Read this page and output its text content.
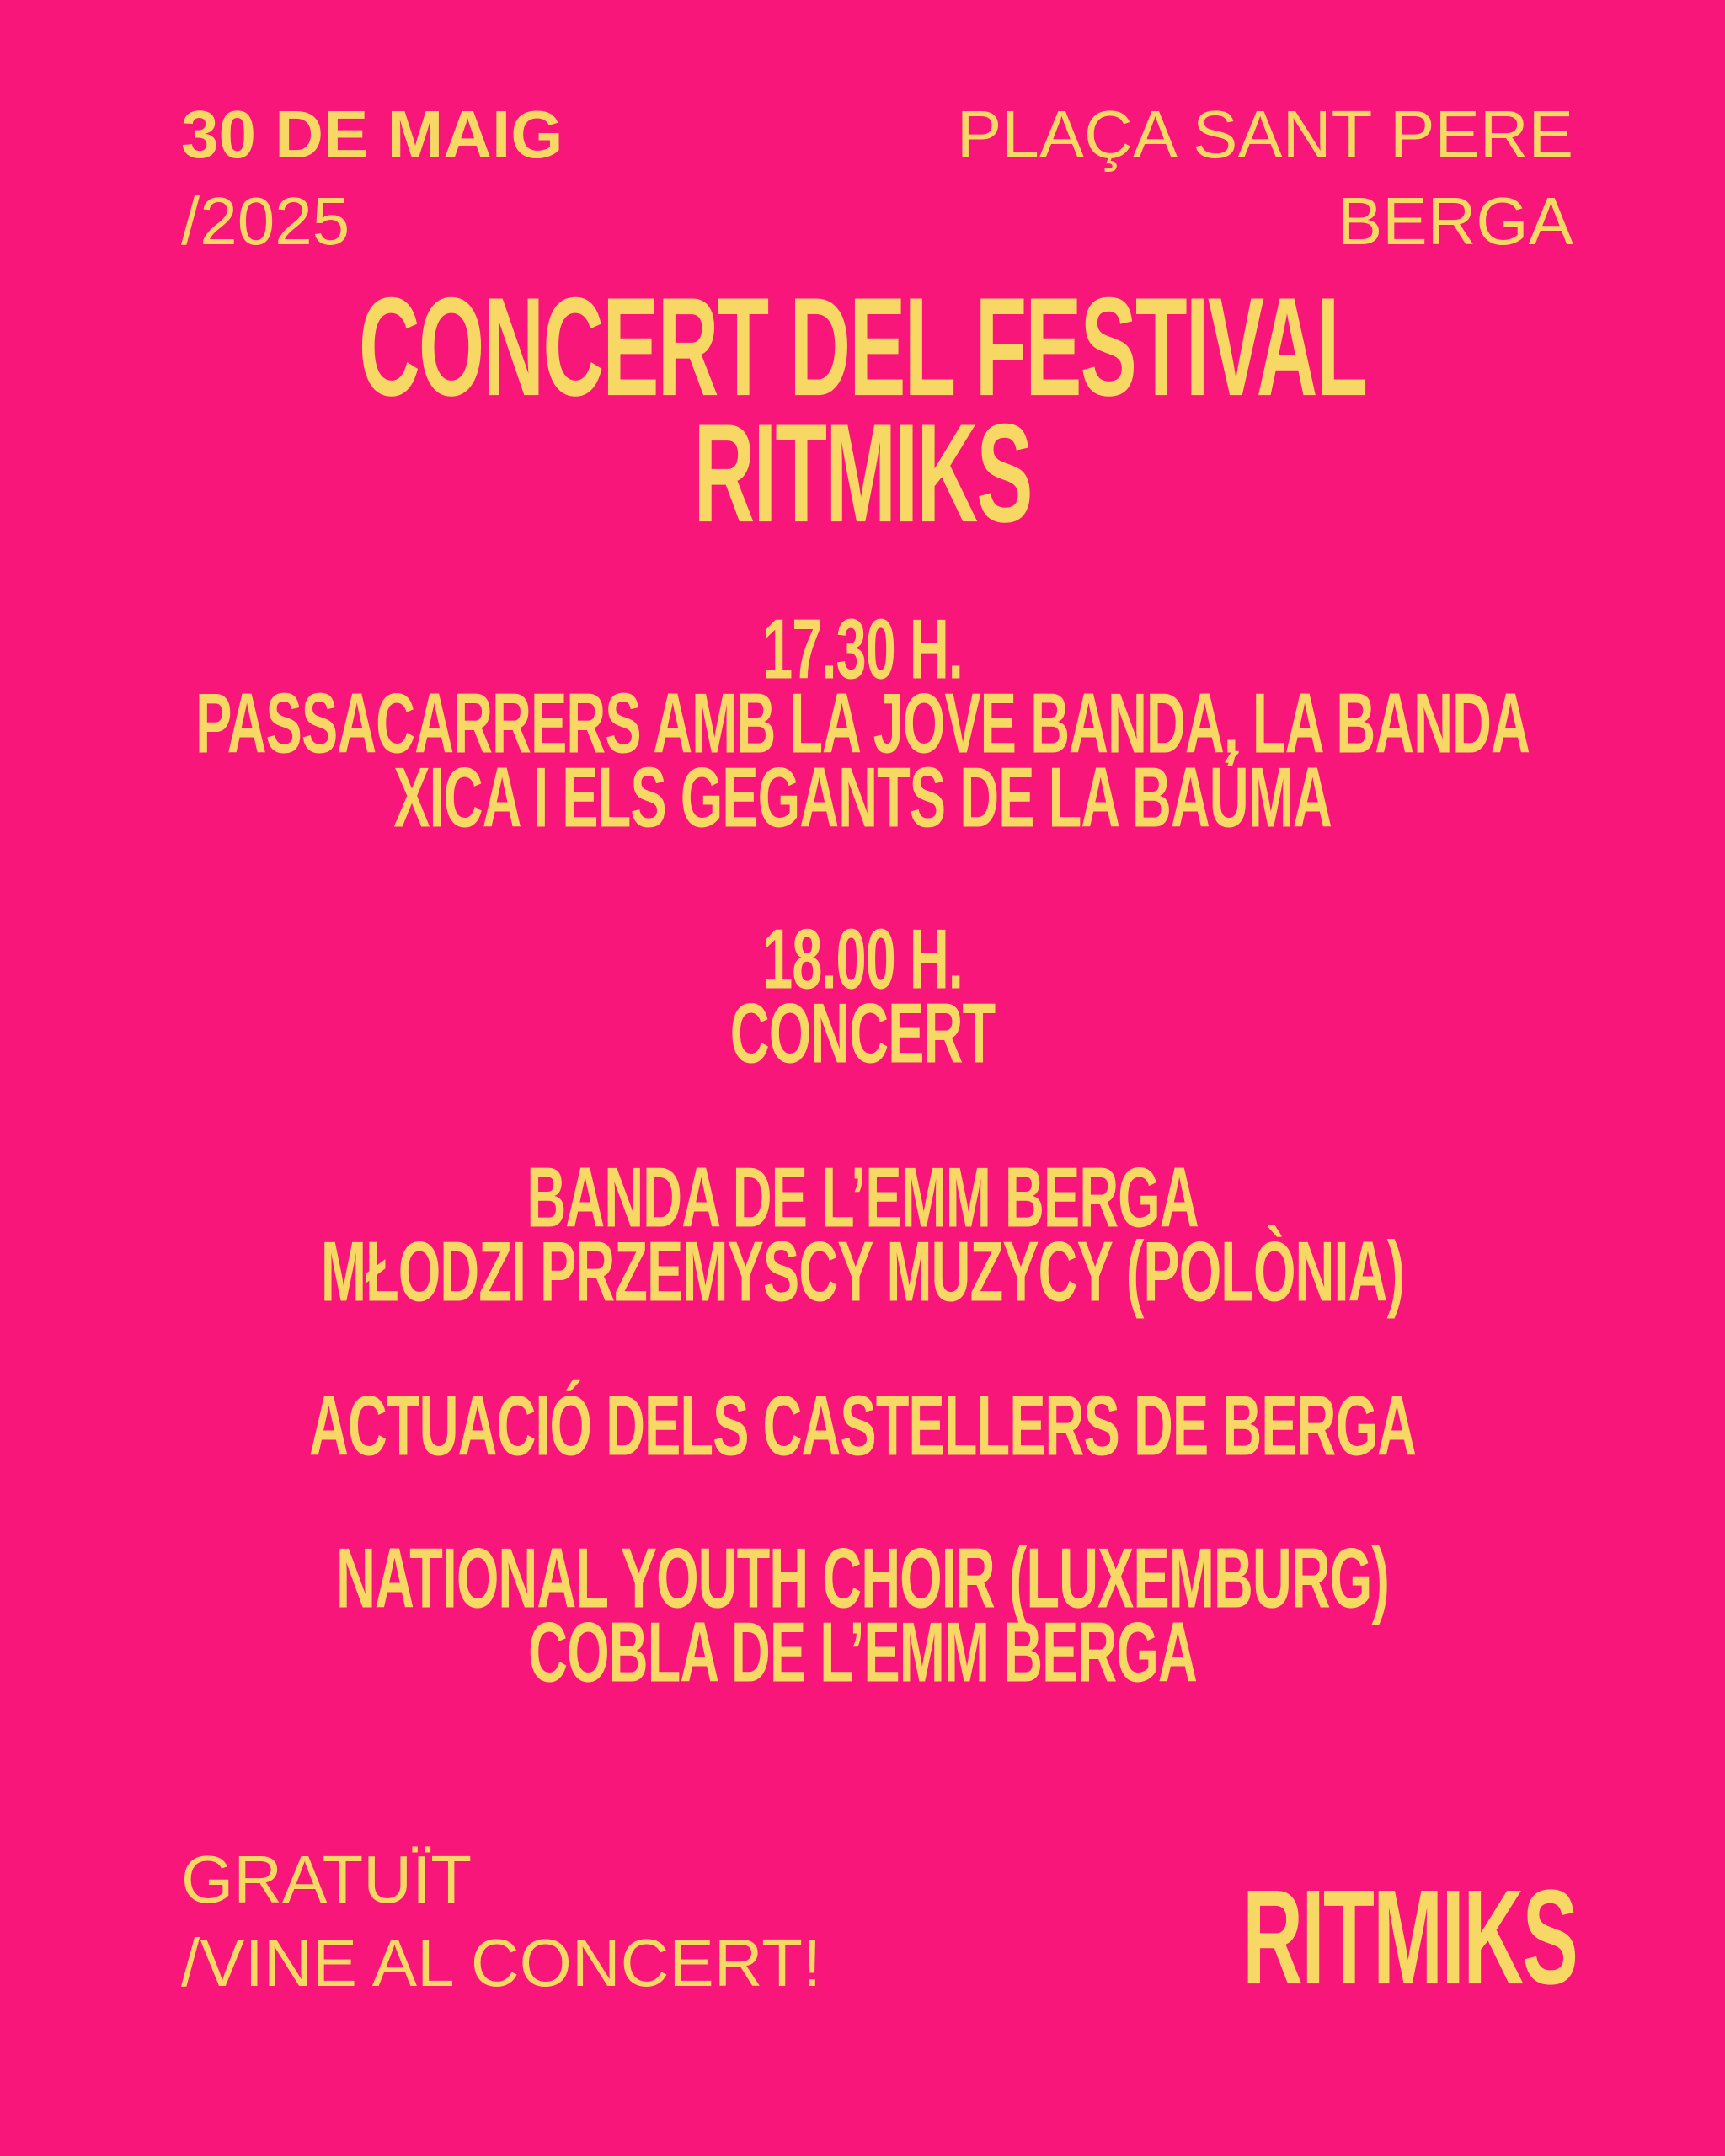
30 DE MAIG
/2025
PLAÇA SANT PERE
BERGA
CONCERT DEL FESTIVAL
RITMIKS
17.30 H.
PASSACARRERS AMB LA JOVE BANDA, LA BANDA
XICA I ELS GEGANTS DE LA BAÚMA
18.00 H.
CONCERT
BANDA DE L’EMM BERGA
MŁODZI PRZEMYSCY MUZYCY (POLÒNIA)
ACTUACIÓ DELS CASTELLERS DE BERGA
NATIONAL YOUTH CHOIR (LUXEMBURG)
COBLA DE L’EMM BERGA
GRATUÏT
/VINE AL CONCERT!	RITMIKS
